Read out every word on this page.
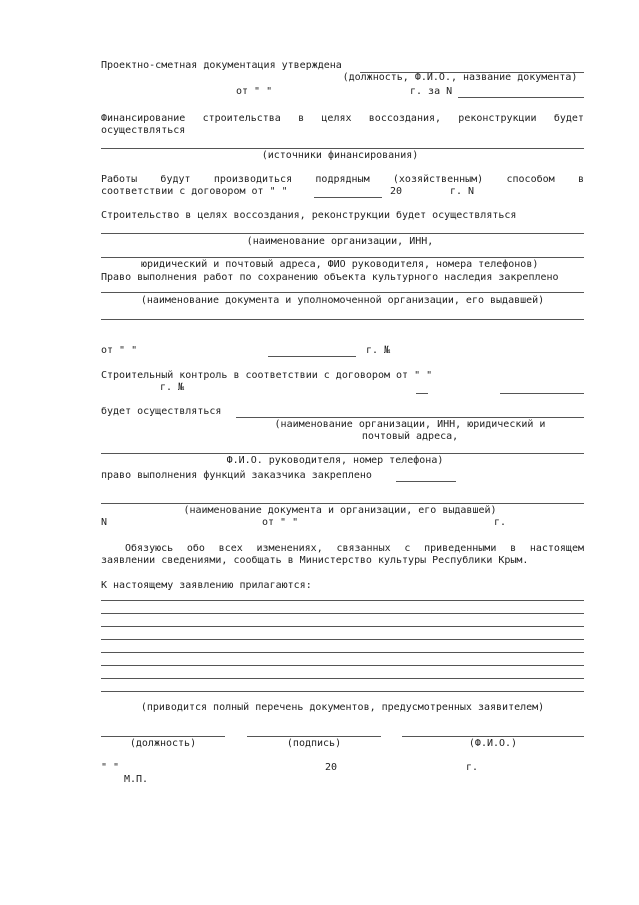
Проектно-сметная документация утверждена
(должность, Ф.И.О., название документа)
от " "	г. за N
Финансирование строительства в целях воссоздания, реконструкции будет
осуществляться
(источники финансирования)
Работы будут производиться подрядным (хозяйственным) способом в
соответствии с договором от " "	20	г. N
Строительство в целях воссоздания, реконструкции будет осуществляться
(наименование организации, ИНН,
юридический и почтовый адреса, ФИО руководителя, номера телефонов)
Право выполнения работ по сохранению объекта культурного наследия закреплено
(наименование документа и уполномоченной организации, его выдавшей)
от " "	г. №
Строительный контроль в соответствии с договором от " "
г. №
будет осуществляться
(наименование организации, ИНН, юридический и
почтовый адреса,
Ф.И.О. руководителя, номер телефона)
право выполнения функций заказчика закреплено
(наименование документа и организации, его выдавшей)
N	от " "	г.
Обязуюсь обо всех изменениях, связанных с приведенными в настоящем
заявлении сведениями, сообщать в Министерство культуры Республики Крым.
К настоящему заявлению прилагаются:
(приводится полный перечень документов, предусмотренных заявителем)
(должность)	(подпись)	(Ф.И.О.)
" "	20	г.
М.П.
